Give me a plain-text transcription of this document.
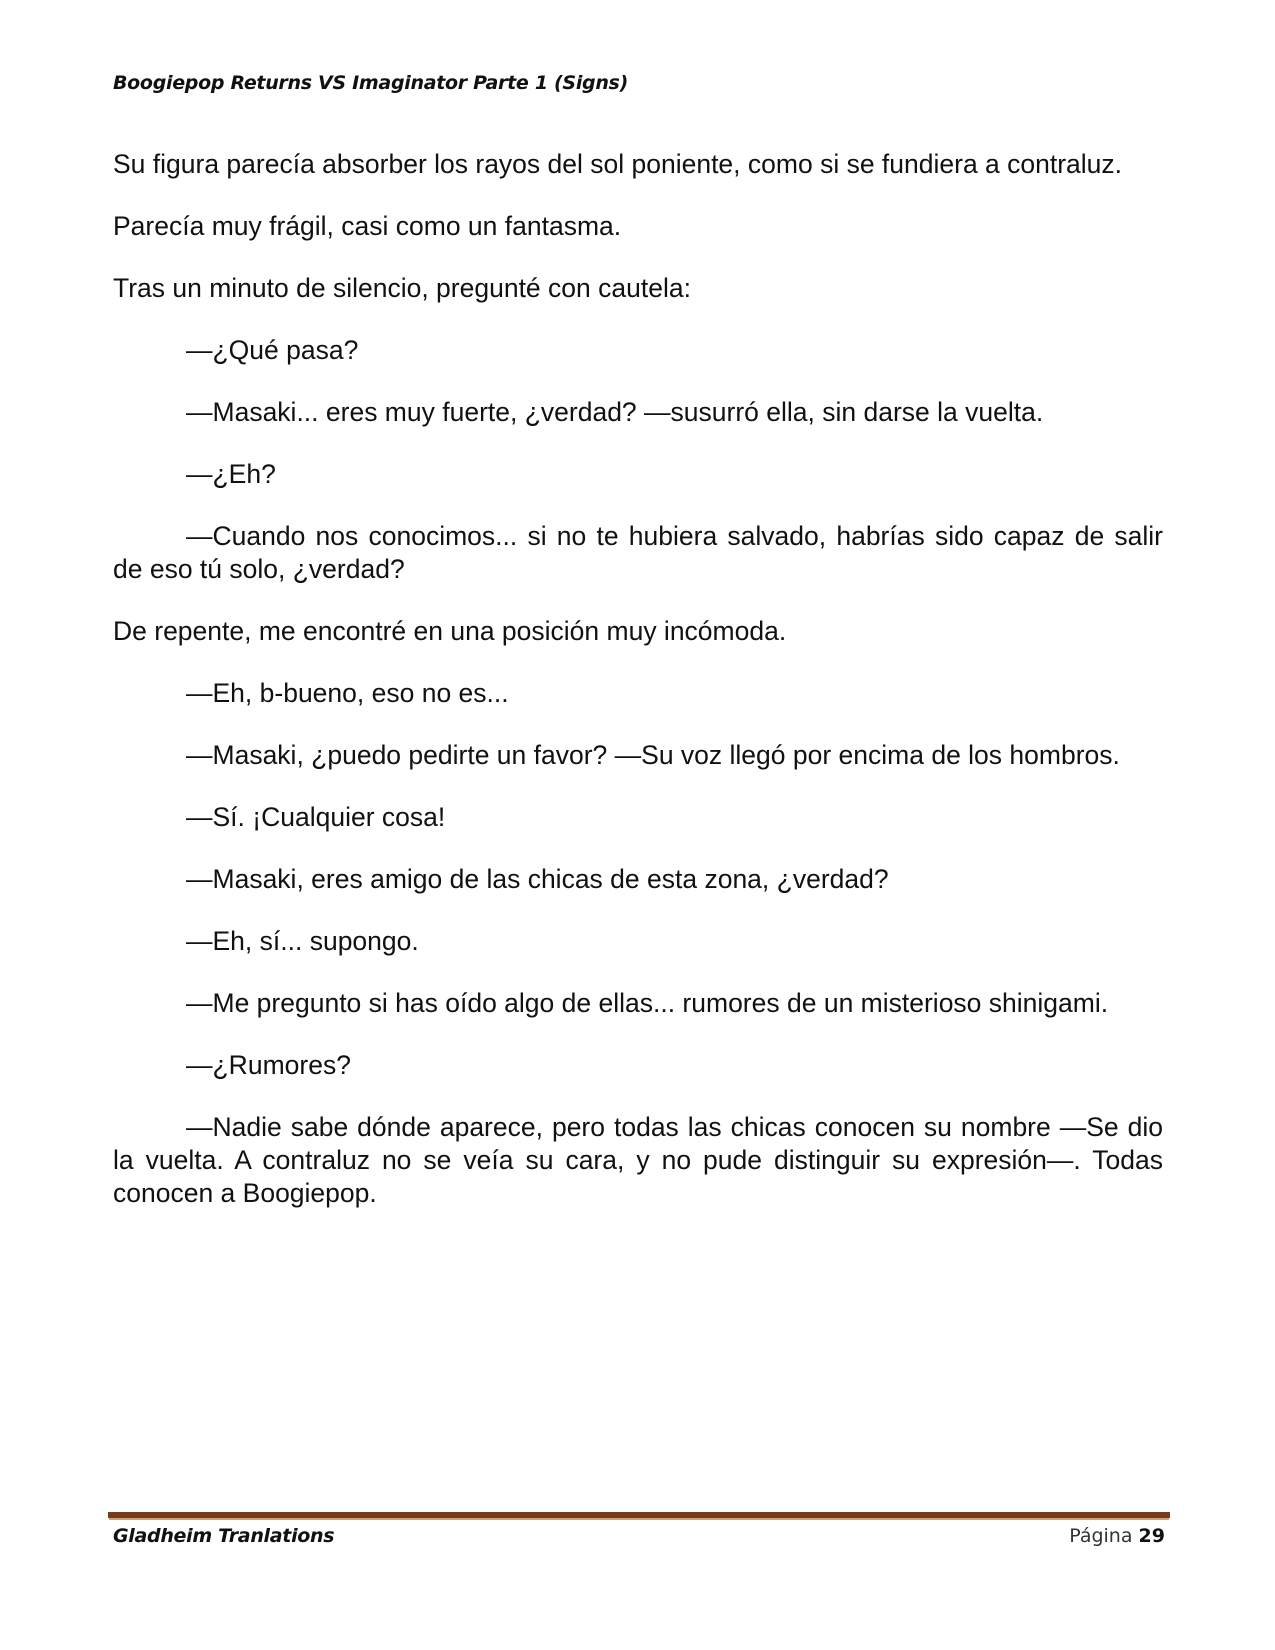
Boogiepop Returns VS Imaginator Parte 1 (Signs)

Su figura parecía absorber los rayos del sol poniente, como si se fundiera a contraluz.

Parecía muy frágil, casi como un fantasma.

Tras un minuto de silencio, pregunté con cautela:

—¿Qué pasa?

—Masaki... eres muy fuerte, ¿verdad? —susurró ella, sin darse la vuelta.

—¿Eh?

—Cuando nos conocimos... si no te hubiera salvado, habrías sido capaz de salir de eso tú solo, ¿verdad?

De repente, me encontré en una posición muy incómoda.

—Eh, b-bueno, eso no es...

—Masaki, ¿puedo pedirte un favor? —Su voz llegó por encima de los hombros.

—Sí. ¡Cualquier cosa!

—Masaki, eres amigo de las chicas de esta zona, ¿verdad?

—Eh, sí... supongo.

—Me pregunto si has oído algo de ellas... rumores de un misterioso shinigami.

—¿Rumores?

—Nadie sabe dónde aparece, pero todas las chicas conocen su nombre —Se dio la vuelta. A contraluz no se veía su cara, y no pude distinguir su expresión—. Todas conocen a Boogiepop.

Gladheim Tranlations	Página 29
